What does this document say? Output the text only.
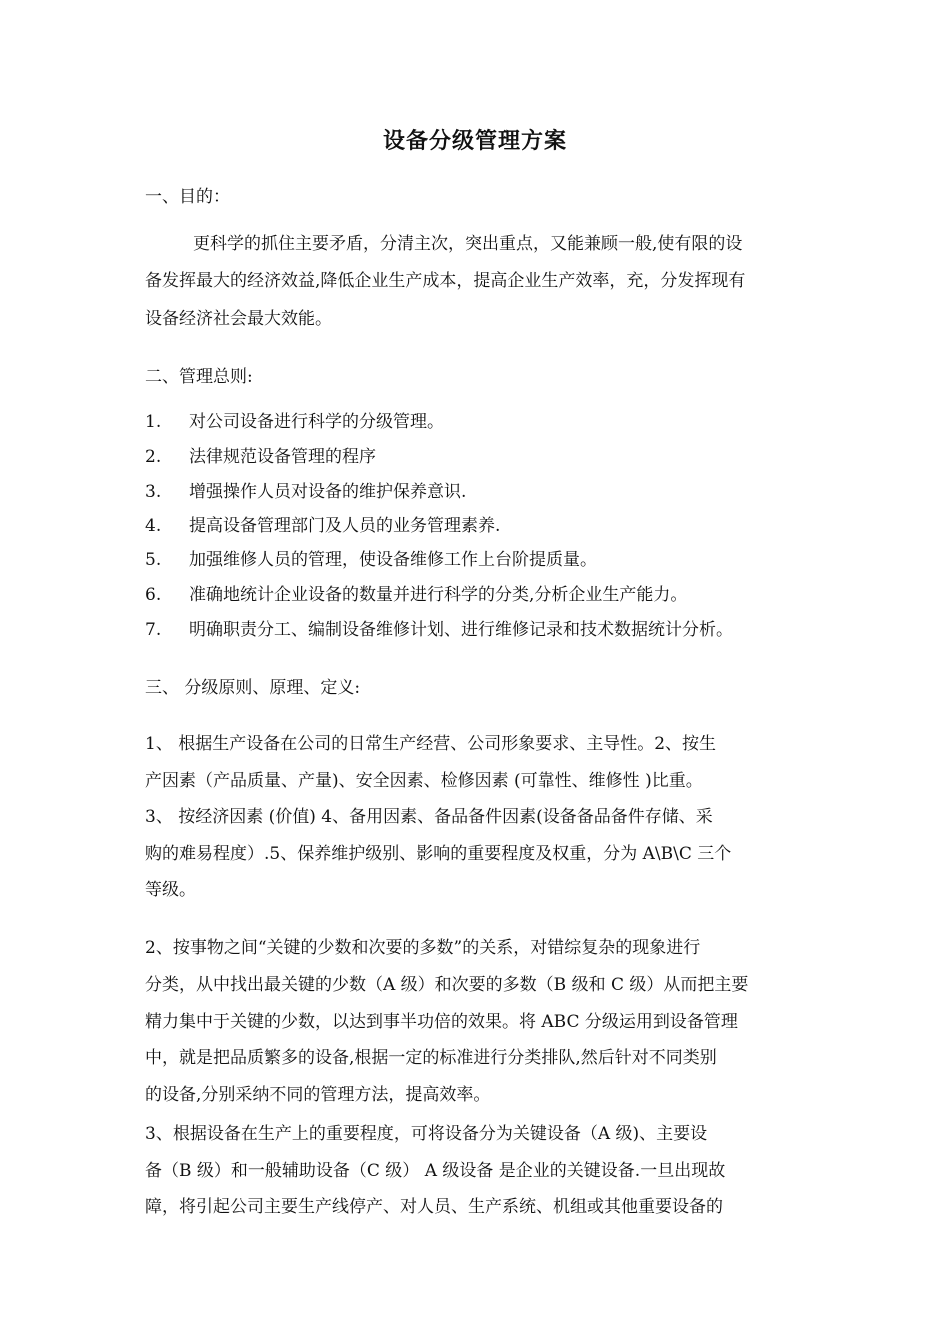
设备分级管理方案
一、目的：
更科学的抓住主要矛盾，分清主次，突出重点，又能兼顾一般,使有限的设
备发挥最大的经济效益,降低企业生产成本，提高企业生产效率，充，分发挥现有
设备经济社会最大效能。
二、管理总则:
1. 对公司设备进行科学的分级管理。
2. 法律规范设备管理的程序
3. 增强操作人员对设备的维护保养意识.
4. 提高设备管理部门及人员的业务管理素养.
5. 加强维修人员的管理，使设备维修工作上台阶提质量。
6. 准确地统计企业设备的数量并进行科学的分类,分析企业生产能力。
7. 明确职责分工、编制设备维修计划、进行维修记录和技术数据统计分析。
三、 分级原则、原理、定义:
1、 根据生产设备在公司的日常生产经营、公司形象要求、主导性。2、按生
产因素（产品质量、产量)、安全因素、检修因素 (可靠性、维修性 )比重。
3、 按经济因素 (价值) 4、备用因素、备品备件因素(设备备品备件存储、采
购的难易程度）.5、保养维护级别、影响的重要程度及权重，分为 A\B\C 三个
等级。
2、按事物之间“关键的少数和次要的多数”的关系，对错综复杂的现象进行
分类，从中找出最关键的少数（A 级）和次要的多数（B 级和 C 级）从而把主要
精力集中于关键的少数，以达到事半功倍的效果。将 ABC 分级运用到设备管理
中，就是把品质繁多的设备,根据一定的标准进行分类排队,然后针对不同类别
的设备,分别采纳不同的管理方法，提高效率。
3、根据设备在生产上的重要程度，可将设备分为关键设备（A 级)、主要设
备（B 级）和一般辅助设备（C 级） A 级设备 是企业的关键设备.一旦出现故
障，将引起公司主要生产线停产、对人员、生产系统、机组或其他重要设备的
